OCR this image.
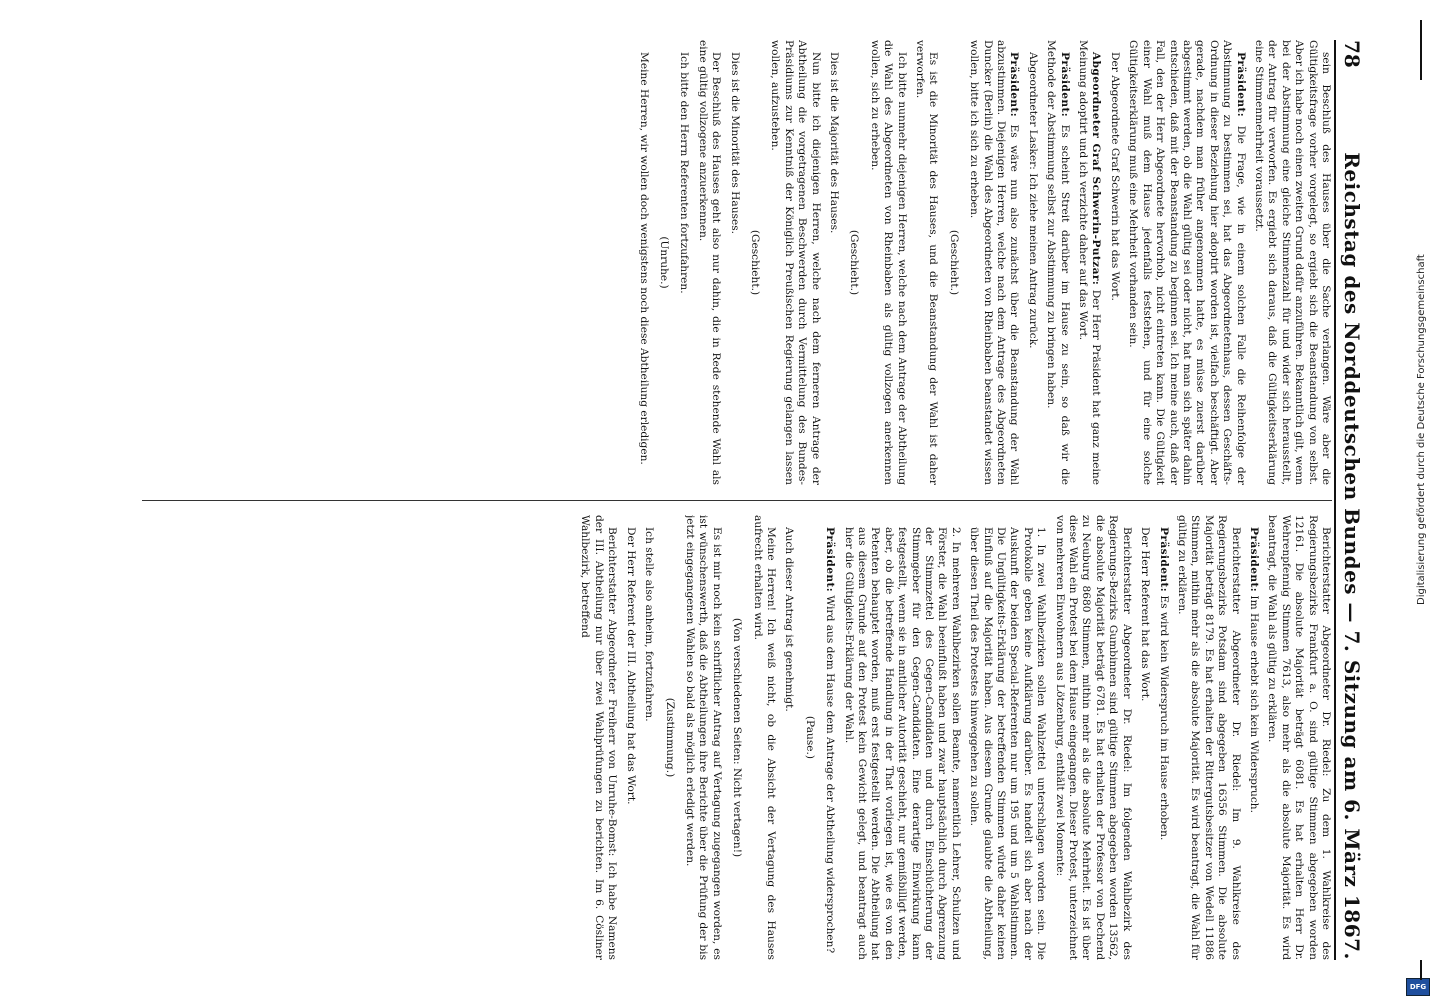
78
Reichstag des Norddeutschen Bundes — 7. Sitzung am 6. März 1867.

sein Beschluß des Hauses über die Sache verlangen. Wäre aber die Gültigkeitsfrage vorher vorgelegt, so ergiebt sich die Beanstandung von selbst. Aber ich habe noch einen zweiten Grund dafür anzuführen. Bekanntlich gilt, wenn bei der Abstimmung eine gleiche Stimmenzahl für und wider sich herausstellt, der Antrag für verworfen. Es ergiebt sich daraus, daß die Gültigkeitserklärung eine Stimmenmehrheit voraussetzt.

Präsident: Die Frage, wie in einem solchen Falle die Reihenfolge der Abstimmung zu bestimmen sei, hat das Abgeordnetenhaus, dessen Geschäfts-Ordnung in dieser Beziehung hier adoptirt worden ist, vielfach beschäftigt. Aber gerade, nachdem man früher angenommen hatte, es müsse zuerst darüber abgestimmt werden, ob die Wahl gültig sei oder nicht, hat man sich später dahin entschieden, daß mit der Beanstandung zu beginnen sei. Ich meine auch, daß der Fall, den der Herr Abgeordnete hervorhob, nicht eintreten kann. Die Gültigkeit einer Wahl muß dem Hause jedenfalls feststehen, und für eine solche Gültigkeitserklärung muß eine Mehrheit vorhanden sein.

Der Abgeordnete Graf Schwerin hat das Wort.

Abgeordneter Graf Schwerin-Putzar: Der Herr Präsident hat ganz meine Meinung adoptirt und ich verzichte daher auf das Wort.

Präsident: Es scheint Streit darüber im Hause zu sein, so daß wir die Methode der Abstimmung selbst zur Abstimmung zu bringen haben.

Abgeordneter Lasker: Ich ziehe meinen Antrag zurück.

Präsident: Es wäre nun also zunächst über die Beanstandung der Wahl abzustimmen. Diejenigen Herren, welche nach dem Antrage des Abgeordneten Duncker (Berlin) die Wahl des Abgeordneten von Rheinbaben beanstandet wissen wollen, bitte ich sich zu erheben.

(Geschieht.)

Es ist die Minorität des Hauses, und die Beanstandung der Wahl ist daher verworfen.

Ich bitte nunmehr diejenigen Herren, welche nach dem Antrage der Abtheilung die Wahl des Abgeordneten von Rheinbaben als gültig vollzogen anerkennen wollen, sich zu erheben.

(Geschieht.)

Dies ist die Majorität des Hauses.

Nun bitte ich diejenigen Herren, welche nach dem ferneren Antrage der Abtheilung die vorgetragenen Beschwerden durch Vermittelung des Bundes-Präsidiums zur Kenntniß der Königlich Preußischen Regierung gelangen lassen wollen, aufzustehen.

(Geschieht.)

Dies ist die Minorität des Hauses.

Der Beschluß des Hauses geht also nur dahin, die in Rede stehende Wahl als eine gültig vollzogene anzuerkennen.

Ich bitte den Herrn Referenten fortzufahren.

(Unruhe.)

Meine Herren, wir wollen doch wenigstens noch diese Abtheilung erledigen.

Berichterstatter Abgeordneter Dr. Riedel: Zu dem 1. Wahlkreise des Regierungsbezirks Frankfurt a. O. sind gültige Stimmen abgegeben worden 12161. Die absolute Majorität beträgt 6081. Es hat erhalten Herr Dr. Wehrenpfennig Stimmen 7613, also mehr als die absolute Majorität. Es wird beantragt, die Wahl als gültig zu erklären.

Präsident: Im Hause erhebt sich kein Widerspruch.

Berichterstatter Abgeordneter Dr. Riedel: Im 9. Wahlkreise des Regierungsbezirks Potsdam sind abgegeben 16356 Stimmen. Die absolute Majorität beträgt 8179. Es hat erhalten der Rittergutsbesitzer von Wedell 11886 Stimmen, mithin mehr als die absolute Majorität. Es wird beantragt, die Wahl für gültig zu erklären.

Präsident: Es wird kein Widerspruch im Hause erhoben.

Der Herr Referent hat das Wort.

Berichterstatter Abgeordneter Dr. Riedel: Im folgenden Wahlbezirk des Regierungs-Bezirks Gumbinnen sind gültige Stimmen abgegeben worden 13562, die absolute Majorität beträgt 6781. Es hat erhalten der Professor von Dechend zu Neuburg 8680 Stimmen, mithin mehr als die absolute Mehrheit. Es ist über diese Wahl ein Protest bei dem Hause eingegangen. Dieser Protest, unterzeichnet von mehreren Einwohnern aus Lötzenburg, enthält zwei Momente:

1. In zwei Wahlbezirken sollen Wahlzettel unterschlagen worden sein. Die Protokolle geben keine Aufklärung darüber. Es handelt sich aber nach der Auskunft der beiden Special-Referenten nur um 195 und um 5 Wahlstimmen. Die Ungültigkeits-Erklärung der betreffenden Stimmen würde daher keinen Einfluß auf die Majorität haben. Aus diesem Grunde glaubte die Abtheilung, über diesen Theil des Protestes hinweggehen zu sollen.

2. In mehreren Wahlbezirken sollen Beamte, namentlich Lehrer, Schulzen und Förster, die Wahl beeinflußt haben und zwar hauptsächlich durch Abgrenzung der Stimmzettel des Gegen-Candidaten und durch Einschüchterung der Stimmgeber für den Gegen-Candidaten. Eine derartige Einwirkung kann festgestellt, wenn sie in amtlicher Autorität geschieht, nur gemißbilligt werden, aber, ob die betreffende Handlung in der That vorliegen ist, wie es von den Petenten behauptet worden, muß erst festgestellt werden. Die Abtheilung hat aus diesem Grunde auf den Protest kein Gewicht gelegt, und beantragt auch hier die Gültigkeits-Erklärung der Wahl.

Präsident: Wird aus dem Hause dem Antrage der Abtheilung widersprochen?

(Pause.)

Auch dieser Antrag ist genehmigt.

Meine Herren! Ich weiß nicht, ob die Absicht der Vertagung des Hauses aufrecht erhalten wird.

(Von verschiedenen Seiten: Nicht vertagen!)

Es ist mir noch kein schriftlicher Antrag auf Vertagung zugegangen worden, es ist wünschenswerth, daß die Abtheilungen ihre Berichte über die Prüfung der bis jetzt eingegangenen Wahlen so bald als möglich erledigt werden.

(Zustimmung.)

Ich stelle also anheim, fortzufahren.

Der Herr Referent der III. Abtheilung hat das Wort.

Berichterstatter Abgeordneter Freiherr von Unruhe-Bomst: Ich habe Namens der III. Abtheilung nur über zwei Wahlprüfungen zu berichten. Im 6. Cösliner Wahlbezirk, betreffend	Digitalisierung gefördert durch die Deutsche Forschungsgemeinschaft
DFG
